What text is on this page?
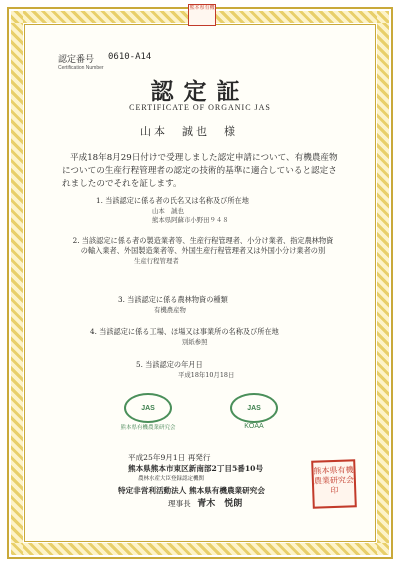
熊本県有機
認定番号 0610-A14
Certification Number
認定証
CERTIFICATE OF ORGANIC JAS
山本　誠也　様
平成18年8月29日付けで受理しました認定申請について、有機農産物についての生産行程管理者の認定の技術的基準に適合していると認定されましたのでそれを証します。
1. 当該認定に係る者の氏名又は名称及び所在地
山本　誠也
熊本県阿蘇市小野田９４８
2. 当該認定に係る者の製造業者等、生産行程管理者、小分け業者、指定農林物資の輸入業者、外国製造業者等、外国生産行程管理者又は外国小分け業者の別
生産行程管理者
3. 当該認定に係る農林物資の種類
有機農産物
4. 当該認定に係る工場、ほ場又は事業所の名称及び所在地
別紙参照
5. 当該認定の年月日
平成18年10月18日
JAS
熊本県有機農業研究会
JAS
KOAA
平成25年9月1日 再発行
熊本県熊本市東区新南部2丁目5番10号
農林水産大臣登録認定機関
特定非営利活動法人 熊本県有機農業研究会
理事長 青木　悦朗
熊本県有機農業研究会印
